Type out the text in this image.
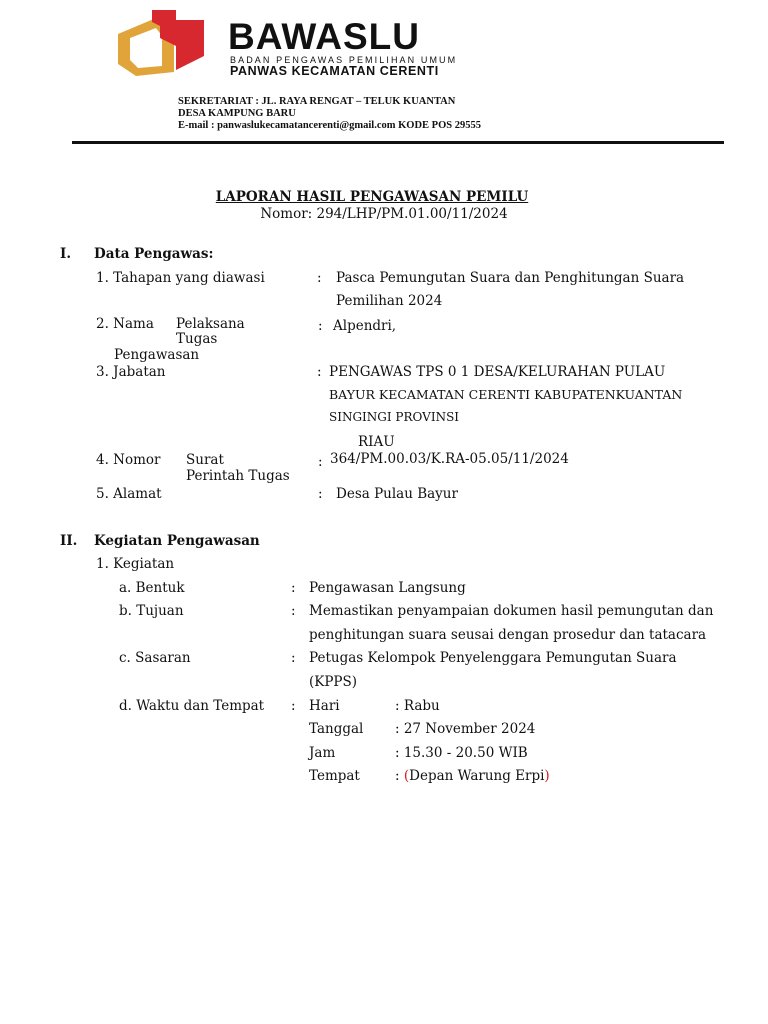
BAWASLU
BADAN PENGAWAS PEMILIHAN UMUM
PANWAS KECAMATAN CERENTI
SEKRETARIAT : JL. RAYA RENGAT – TELUK KUANTAN
DESA KAMPUNG BARU
E-mail : panwaslukecamatancerenti@gmail.com KODE POS 29555
LAPORAN HASIL PENGAWASAN PEMILU
Nomor: 294/LHP/PM.01.00/11/2024
I. Data Pengawas:
1. Tahapan yang diawasi	: Pasca Pemungutan Suara dan Penghitungan Suara
Pemilihan 2024
2. Nama Pelaksana
Tugas
Pengawasan
: Alpendri,
3. Jabatan	: PENGAWAS TPS 0 1 DESA/KELURAHAN PULAU
BAYUR KECAMATAN CERENTI KABUPATENKUANTAN
SINGINGI PROVINSI
RIAU
4. Nomor Surat
Perintah Tugas
: 364/PM.00.03/K.RA-05.05/11/2024
5. Alamat	: Desa Pulau Bayur
II. Kegiatan Pengawasan
1. Kegiatan
a. Bentuk	: Pengawasan Langsung
b. Tujuan	: Memastikan penyampaian dokumen hasil pemungutan dan
penghitungan suara seusai dengan prosedur dan tatacara
c. Sasaran	: Petugas Kelompok Penyelenggara Pemungutan Suara
(KPPS)
d. Waktu dan Tempat : Hari	: Rabu
Tanggal : 27 November 2024
Jam	: 15.30 - 20.50 WIB
Tempat	: (Depan Warung Erpi)
